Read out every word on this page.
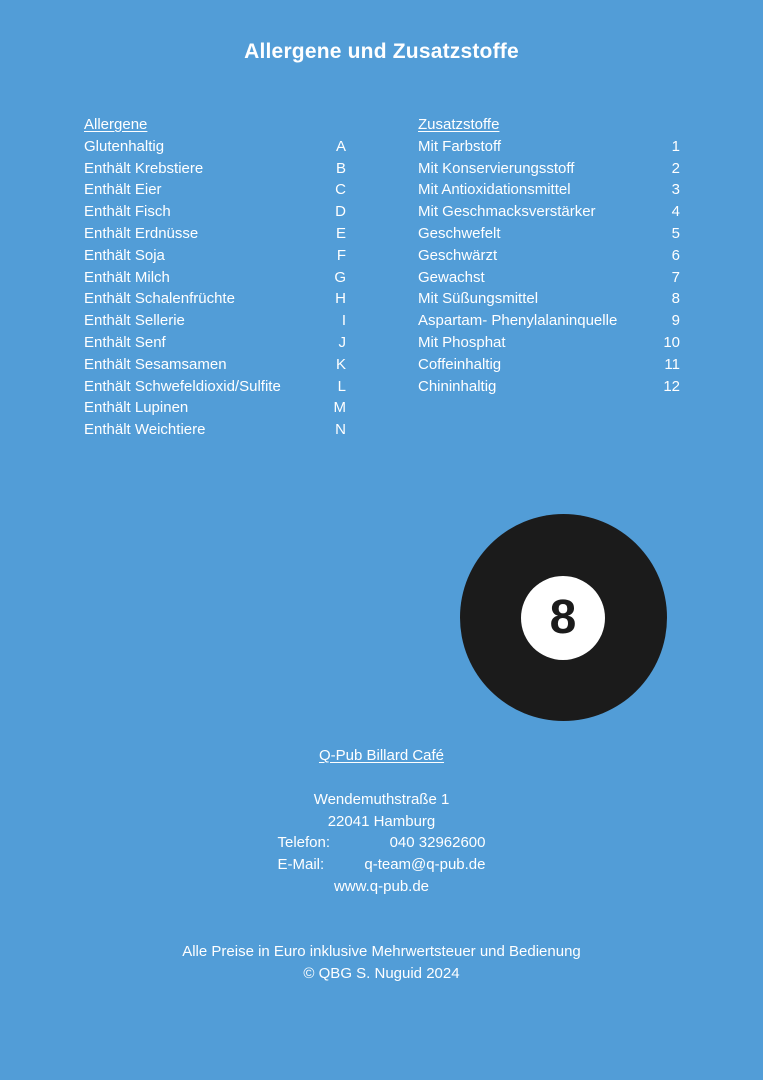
Allergene und Zusatzstoffe
Allergene
Glutenhaltig	A
Enthält Krebstiere	B
Enthält Eier	C
Enthält Fisch	D
Enthält Erdnüsse	E
Enthält Soja	F
Enthält Milch	G
Enthält Schalenfrüchte	H
Enthält Sellerie	I
Enthält Senf	J
Enthält Sesamsamen	K
Enthält Schwefeldioxid/Sulfite	L
Enthält Lupinen	M
Enthält Weichtiere	N
Zusatzstoffe
Mit Farbstoff	1
Mit Konservierungsstoff	2
Mit Antioxidationsmittel	3
Mit Geschmacksverstärker	4
Geschwefelt	5
Geschwärzt	6
Gewachst	7
Mit Süßungsmittel	8
Aspartam- Phenylalaninquelle	9
Mit Phosphat	10
Coffeinhaltig	11
Chininhaltig	12
8
Q-Pub Billard Café
Wendemuthstraße 1
22041 Hamburg
Telefon:	040 32962600
E-Mail:	q-team@q-pub.de
www.q-pub.de
Alle Preise in Euro inklusive Mehrwertsteuer und Bedienung
© QBG S. Nuguid 2024
